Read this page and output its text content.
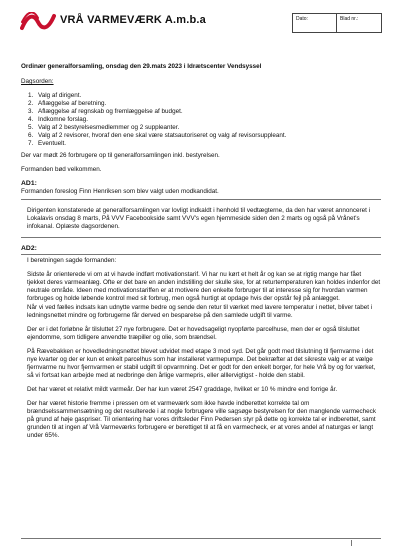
VRÅ VARMEVÆRK A.m.b.a	Dato:	Blad nr.:

Ordinær generalforsamling, onsdag den 29.mats 2023 i Idrætscenter Vendsyssel

Dagsorden:
1. Valg af dirigent.
2. Aflæggelse af beretning.
3. Aflæggelse af regnskab og fremlæggelse af budget.
4. Indkomne forslag.
5. Valg af 2 bestyrelsesmedlemmer og 2 suppleanter.
6. Valg af 2 revisorer, hvoraf den ene skal være statsautoriseret og valg af revisorsuppleant.
7. Eventuelt.

Der var mødt 26 forbrugere op til generalforsamlingen inkl. bestyrelsen.

Formanden bød velkommen.

AD1:
Formanden foreslog Finn Henriksen som blev valgt uden modkandidat.

Dirigenten konstaterede at generalforsamlingen var lovligt indkaldt i henhold til vedtægterne, da den har været annonceret i Lokalavis onsdag 8 marts, På VVV Facebookside samt VVV's egen hjemmeside siden den 2 marts og også på Vrånet's infokanal. Oplæste dagsordenen.

AD2:

I beretningen sagde formanden:

Sidste år orienterede vi om at vi havde indført motivationstarif. Vi har nu kørt et helt år og kan se at rigtig mange har fået tjekket deres varmeanlæg. Ofte er det bare en anden indstilling der skulle ske, for at returtemperaturen kan holdes indenfor det neutrale område. Ideen med motivationstariffen er at motivere den enkelte forbruger til at interesse sig for hvordan varmen forbruges og holde løbende kontrol med sit forbrug, men også hurtigt at opdage hvis der opstår fejl på anlægget.

Når vi ved fælles indsats kan udnytte varme bedre og sende den retur til værket med lavere temperatur i nettet, bliver tabet i ledningsnettet mindre og forbrugerne får derved en besparelse på den samlede udgift til varme.

Der er i det forløbne år tilsluttet 27 nye forbrugere. Det er hovedsageligt nyopførte parcelhuse, men der er også tilsluttet ejendomme, som tidligere anvendte træpiller og olie, som brændsel.

På Rævebakken er hovedledningsnettet blevet udvidet med etape 3 mod syd. Det går godt med tilslutning til fjernvarme i det nye kvarter og der er kun et enkelt parcelhus som har installeret varmepumpe. Det bekræfter at det sikreste valg er at vælge fjernvarme nu hvor fjernvarmen er stabil udgift til opvarmning. Det er godt for den enkelt borger, for hele Vrå by og for værket, så vi fortsat kan arbejde med at nedbringe den årlige varmepris, eller alllervigtigst - holde den stabil.

Det har været et relativt mildt varmeår. Der har kun været 2547 graddage, hvilket er 10 % mindre end forrige år.

Der har været historie fremme i pressen om et varmeværk som ikke havde indberettet korrekte tal om brændselssammensætning og det resulterede i at nogle forbrugere ville sagsøge bestyrelsen for den manglende varmecheck på grund af høje gaspriser. Til orientering har vores driftsleder Finn Pedersen styr på dette og korrekte tal er indberettet, samt grunden til at ingen af Vrå Varmeværks forbrugere er berettiget til at få en varmecheck, er at vores andel af naturgas er langt under 65%.
